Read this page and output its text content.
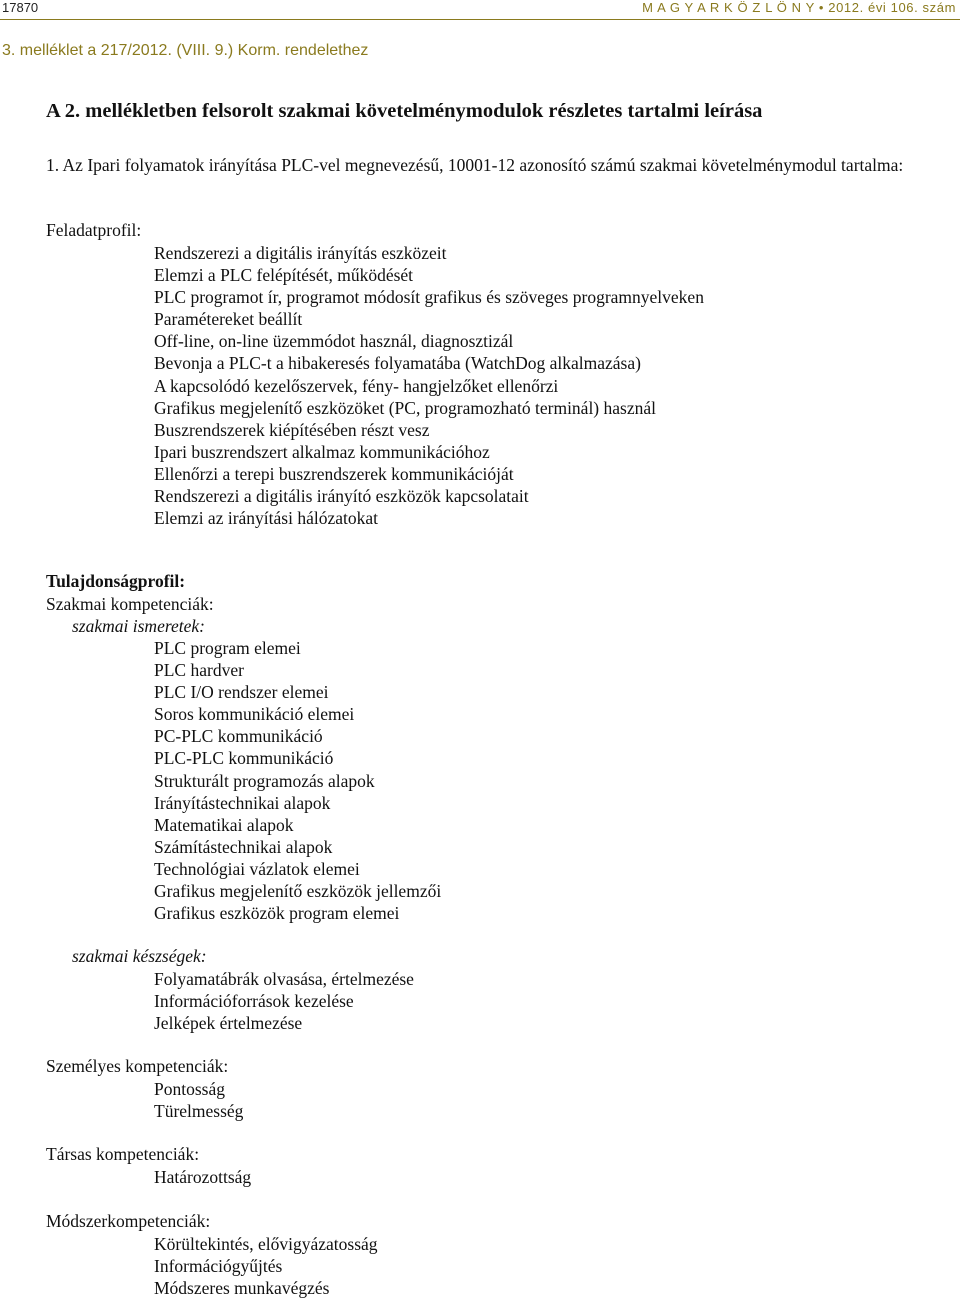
17870	M A G Y A R K Ö Z L Ö N Y • 2012. évi 106. szám
3. melléklet a 217/2012. (VIII. 9.) Korm. rendelethez
A 2. mellékletben felsorolt szakmai követelménymodulok részletes tartalmi leírása
1. Az Ipari folyamatok irányítása PLC-vel megnevezésű, 10001-12 azonosító számú szakmai követelménymodul tartalma:
Feladatprofil:
Rendszerezi a digitális irányítás eszközeit
Elemzi a PLC felépítését, működését
PLC programot ír, programot módosít grafikus és szöveges programnyelveken
Paramétereket beállít
Off-line, on-line üzemmódot használ, diagnosztizál
Bevonja a PLC-t a hibakeresés folyamatába (WatchDog alkalmazása)
A kapcsolódó kezelőszervek, fény- hangjelzőket ellenőrzi
Grafikus megjelenítő eszközöket (PC, programozható terminál) használ
Buszrendszerek kiépítésében részt vesz
Ipari buszrendszert alkalmaz kommunikációhoz
Ellenőrzi a terepi buszrendszerek kommunikációját
Rendszerezi a digitális irányító eszközök kapcsolatait
Elemzi az irányítási hálózatokat
Tulajdonságprofil:
Szakmai kompetenciák:
szakmai ismeretek:
PLC program elemei
PLC hardver
PLC I/O rendszer elemei
Soros kommunikáció elemei
PC-PLC kommunikáció
PLC-PLC kommunikáció
Strukturált programozás alapok
Irányítástechnikai alapok
Matematikai alapok
Számítástechnikai alapok
Technológiai vázlatok elemei
Grafikus megjelenítő eszközök jellemzői
Grafikus eszközök program elemei
szakmai készségek:
Folyamatábrák olvasása, értelmezése
Információforrások kezelése
Jelképek értelmezése
Személyes kompetenciák:
Pontosság
Türelmesség
Társas kompetenciák:
Határozottság
Módszerkompetenciák:
Körültekintés, elővigyázatosság
Információgyűjtés
Módszeres munkavégzés
